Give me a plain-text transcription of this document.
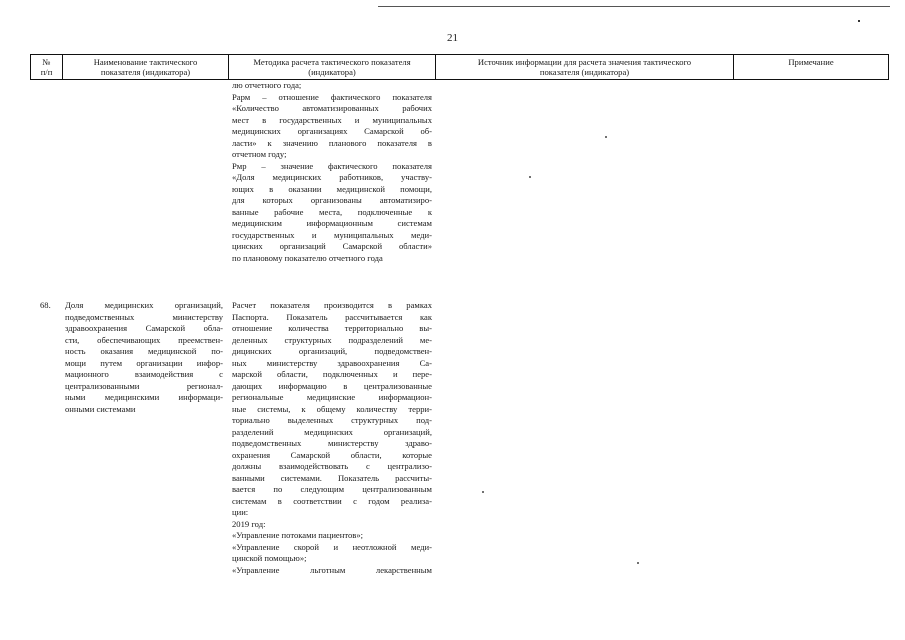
21
№
п/п
Наименование тактического
показателя (индикатора)
Методика расчета тактического показателя
(индикатора)
Источник информации для расчета значения тактического
показателя (индикатора)
Примечание
лю отчетного года;
Рарм – отношение фактического показателя
«Количество автоматизированных рабочих
мест в государственных и муниципальных
медицинских организациях Самарской об-
ласти» к значению планового показателя в
отчетном году;
Рмр – значение фактического показателя
«Доля медицинских работников, участву-
ющих в оказании медицинской помощи,
для которых организованы автоматизиро-
ванные рабочие места, подключенные к
медицинским информационным системам
государственных и муниципальных меди-
цинских организаций Самарской области»
по плановому показателю отчетного года
68.	Доля медицинских организаций,
подведомственных министерству
здравоохранения Самарской обла-
сти, обеспечивающих преемствен-
ность оказания медицинской по-
мощи путем организации инфор-
мационного взаимодействия с
централизованными регионал-
ными медицинскими информаци-
онными системами
Расчет показателя производится в рамках
Паспорта. Показатель рассчитывается как
отношение количества территориально вы-
деленных структурных подразделений ме-
дицинских организаций, подведомствен-
ных министерству здравоохранения Са-
марской области, подключенных и пере-
дающих информацию в централизованные
региональные медицинские информацион-
ные системы, к общему количеству терри-
ториально выделенных структурных под-
разделений медицинских организаций,
подведомственных министерству здраво-
охранения Самарской области, которые
должны взаимодействовать с централизо-
ванными системами. Показатель рассчиты-
вается по следующим централизованным
системам в соответствии с годом реализа-
ции:
2019 год:
«Управление потоками пациентов»;
«Управление скорой и неотложной меди-
цинской помощью»;
«Управление льготным лекарственным
